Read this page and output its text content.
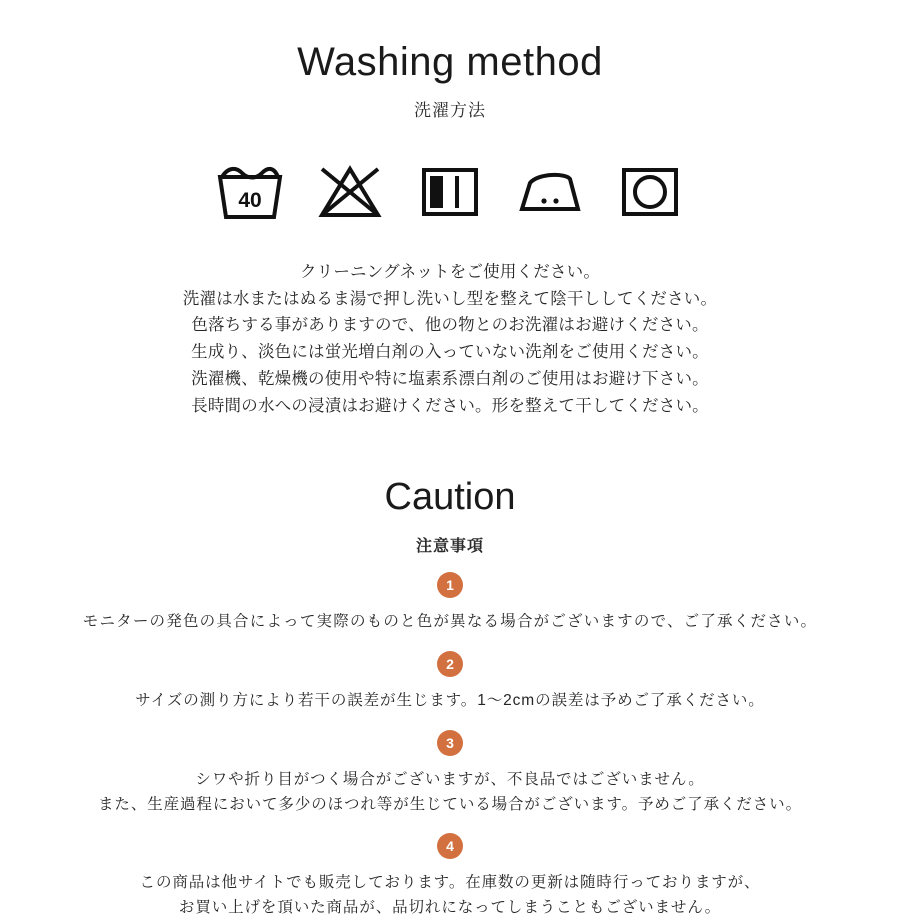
Washing method
洗濯方法
40

クリーニングネットをご使用ください。

洗濯は水またはぬるま湯で押し洗いし型を整えて陰干ししてください。

色落ちする事がありますので、他の物とのお洗濯はお避けください。

生成り、淡色には蛍光増白剤の入っていない洗剤をご使用ください。

洗濯機、乾燥機の使用や特に塩素系漂白剤のご使用はお避け下さい。

長時間の水への浸漬はお避けください。形を整えて干してください。

Caution
注意事項
1

モニターの発色の具合によって実際のものと色が異なる場合がございますので、ご了承ください。

2

サイズの測り方により若干の誤差が生じます。1〜2cmの誤差は予めご了承ください。

3

シワや折り目がつく場合がございますが、不良品ではございません。

また、生産過程において多少のほつれ等が生じている場合がございます。予めご了承ください。

4

この商品は他サイトでも販売しております。在庫数の更新は随時行っておりますが、

お買い上げを頂いた商品が、品切れになってしまうこともございません。
